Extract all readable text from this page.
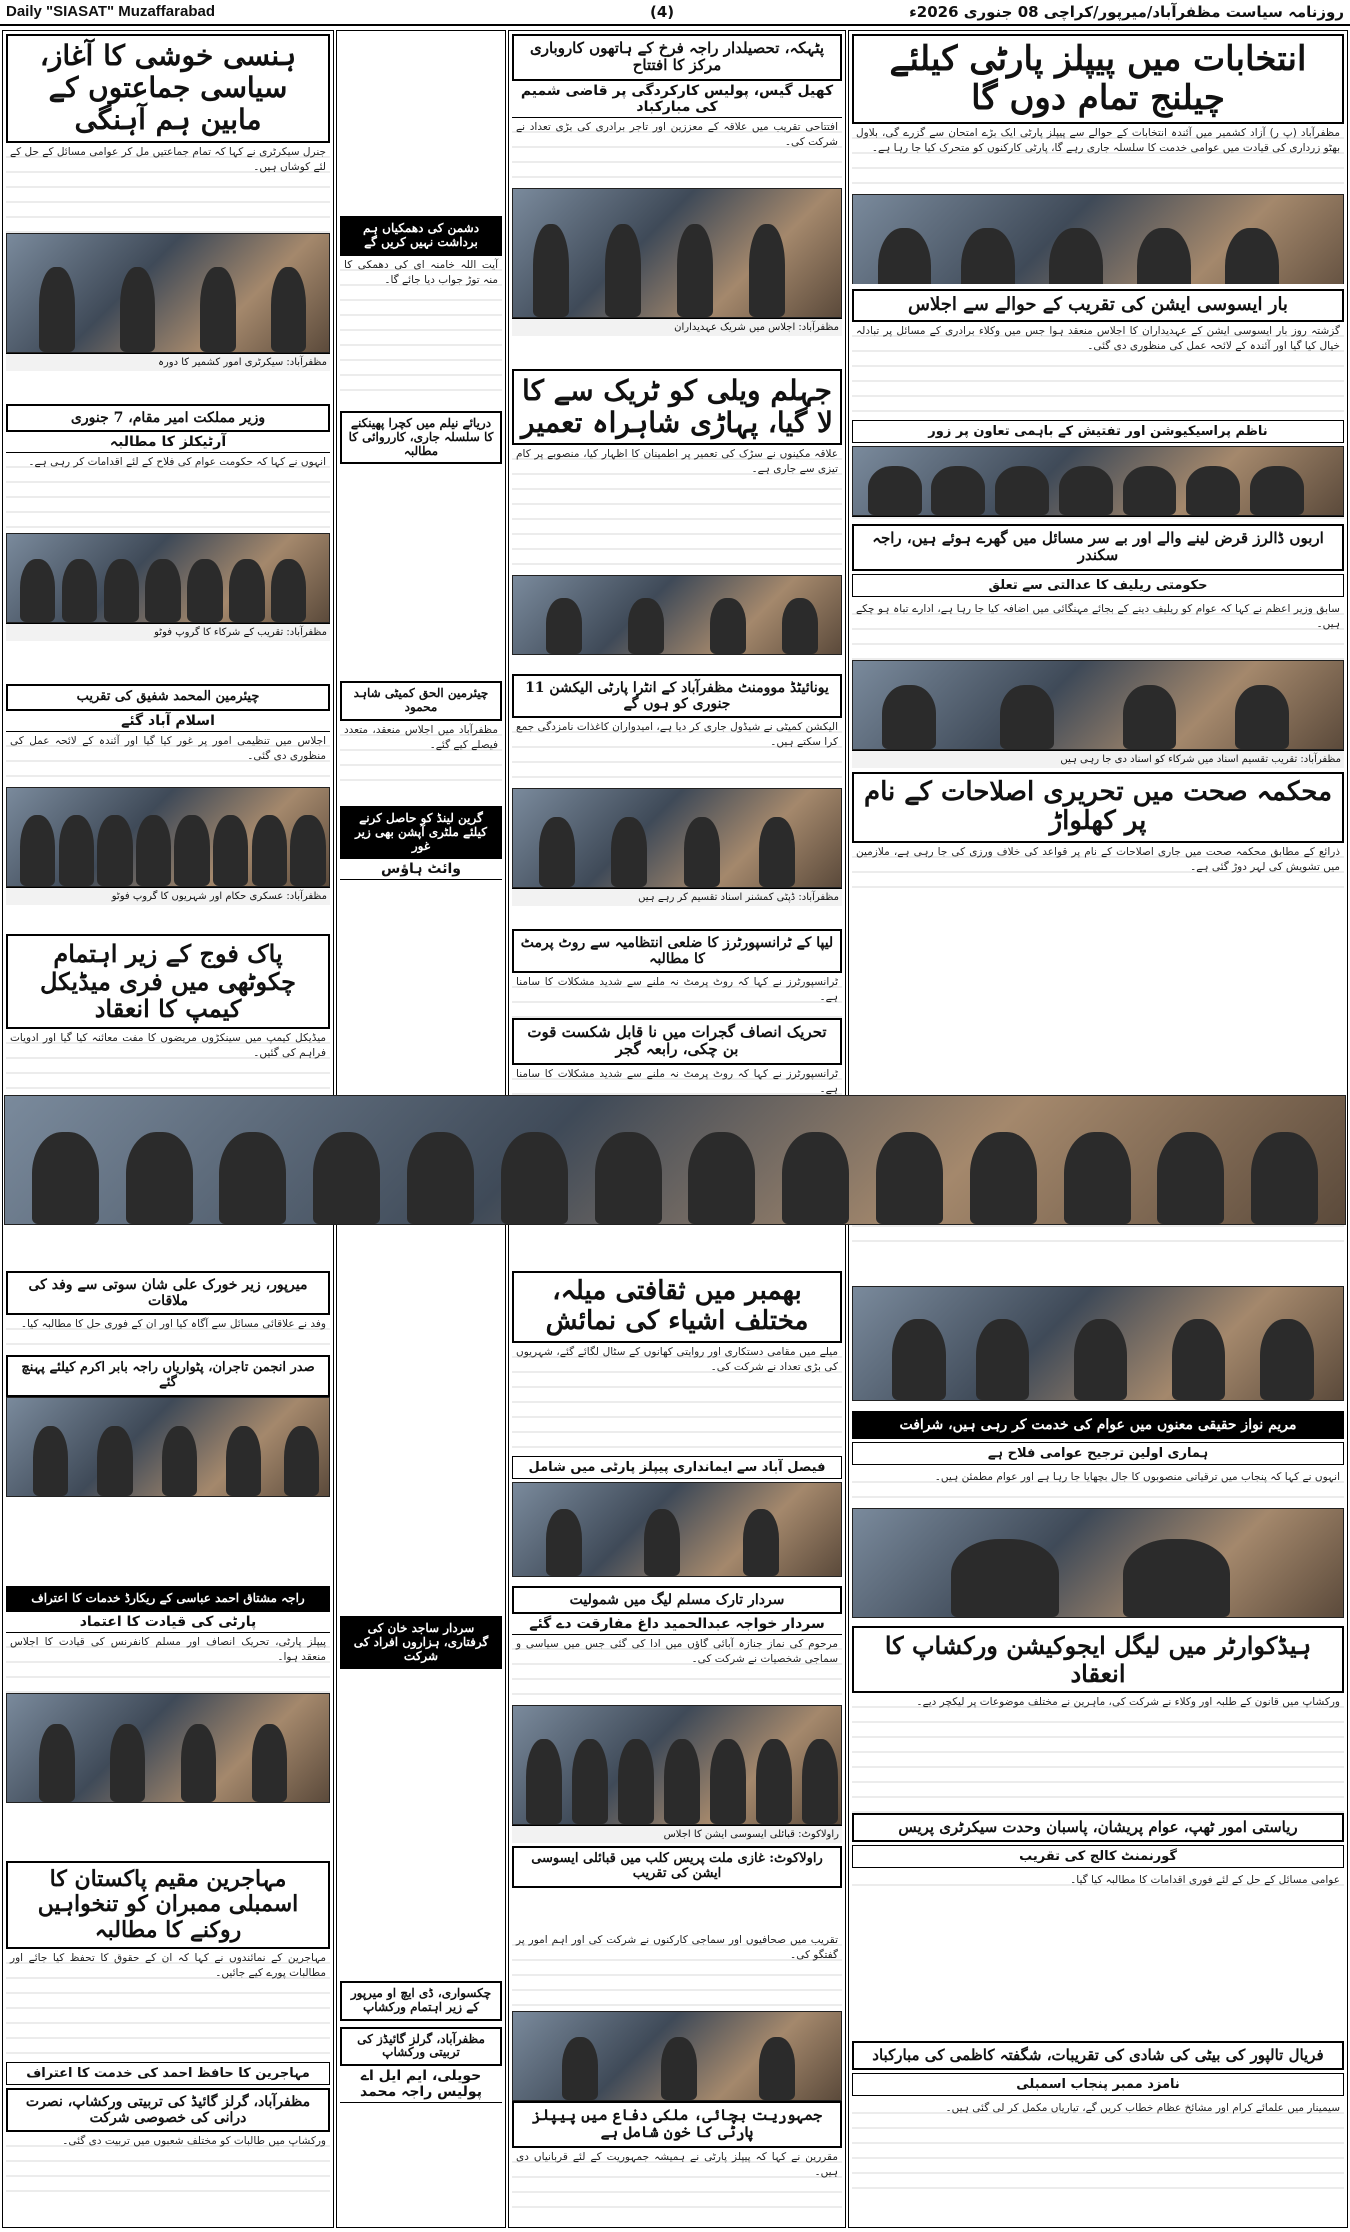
Daily "SIASAT" Muzaffarabad	(4)	روزنامہ سیاست مظفرآباد/میرپور/کراچی 08 جنوری 2026ء
انتخابات میں پیپلز پارٹی کیلئے چیلنج تمام دوں گا
مظفرآباد (پ ر) آزاد کشمیر میں آئندہ انتخابات کے حوالے سے پیپلز پارٹی ایک بڑے امتحان سے گزرے گی، بلاول بھٹو زرداری کی قیادت میں عوامی خدمت کا سلسلہ جاری رہے گا، پارٹی کارکنوں کو متحرک کیا جا رہا ہے۔
بار ایسوسی ایشن کی تقریب کے حوالے سے اجلاس
گزشتہ روز بار ایسوسی ایشن کے عہدیداران کا اجلاس منعقد ہوا جس میں وکلاء برادری کے مسائل پر تبادلہ خیال کیا گیا اور آئندہ کے لائحہ عمل کی منظوری دی گئی۔
ناظم پراسیکیوشن اور تفتیش کے باہمی تعاون پر زور
اربوں ڈالرز قرض لینے والے اور بے سر مسائل میں گھرے ہوئے ہیں، راجہ سکندر
حکومتی ریلیف کا عدالتی سے تعلق
سابق وزیر اعظم نے کہا کہ عوام کو ریلیف دینے کے بجائے مہنگائی میں اضافہ کیا جا رہا ہے، ادارے تباہ ہو چکے ہیں۔
مظفرآباد: تقریب تقسیم اسناد میں شرکاء کو اسناد دی جا رہی ہیں
محکمہ صحت میں تحریری اصلاحات کے نام پر کھلواڑ
ذرائع کے مطابق محکمہ صحت میں جاری اصلاحات کے نام پر قواعد کی خلاف ورزی کی جا رہی ہے، ملازمین میں تشویش کی لہر دوڑ گئی ہے۔
مریم نواز حقیقی معنوں میں عوام کی خدمت کر رہی ہیں، شرافت
ہماری اولین ترجیح عوامی فلاح ہے
انہوں نے کہا کہ پنجاب میں ترقیاتی منصوبوں کا جال بچھایا جا رہا ہے اور عوام مطمئن ہیں۔
ہیڈکوارٹر میں لیگل ایجوکیشن ورکشاپ کا انعقاد
ورکشاپ میں قانون کے طلبہ اور وکلاء نے شرکت کی، ماہرین نے مختلف موضوعات پر لیکچر دیے۔
ریاستی امور ٹھپ، عوام پریشان، پاسبان وحدت سیکرٹری پریس
گورنمنٹ کالج کی تقریب
عوامی مسائل کے حل کے لئے فوری اقدامات کا مطالبہ کیا گیا۔
فریال تالپور کی بیٹی کی شادی کی تقریبات، شگفتہ کاظمی کی مبارکباد
نامزد ممبر پنجاب اسمبلی
سیمینار میں علمائے کرام اور مشائخ عظام خطاب کریں گے، تیاریاں مکمل کر لی گئی ہیں۔
پٹہکہ، تحصیلدار راجہ فرخ کے ہاتھوں کاروباری مرکز کا افتتاح
کھیل گیس، پولیس کارکردگی پر قاضی شمیم کی مبارکباد
افتتاحی تقریب میں علاقہ کے معززین اور تاجر برادری کی بڑی تعداد نے شرکت کی۔
مظفرآباد: اجلاس میں شریک عہدیداران
جہلم ویلی کو ٹریک سے کا لا گیا، پہاڑی شاہراہ تعمیر
علاقہ مکینوں نے سڑک کی تعمیر پر اطمینان کا اظہار کیا، منصوبے پر کام تیزی سے جاری ہے۔
یونائیٹڈ موومنٹ مظفرآباد کے انٹرا پارٹی الیکشن 11 جنوری کو ہوں گے
الیکشن کمیٹی نے شیڈول جاری کر دیا ہے، امیدواران کاغذات نامزدگی جمع کرا سکتے ہیں۔
مظفرآباد: ڈپٹی کمشنر اسناد تقسیم کر رہے ہیں
لیپا کے ٹرانسپورٹرز کا ضلعی انتظامیہ سے روٹ پرمٹ کا مطالبہ
ٹرانسپورٹرز نے کہا کہ روٹ پرمٹ نہ ملنے سے شدید مشکلات کا سامنا ہے۔
تحریک انصاف گجرات میں نا قابل شکست قوت بن چکی، رابعہ گجر
ٹرانسپورٹرز نے کہا کہ روٹ پرمٹ نہ ملنے سے شدید مشکلات کا سامنا ہے۔
بھمبر میں ثقافتی میلہ، مختلف اشیاء کی نمائش
میلے میں مقامی دستکاری اور روایتی کھانوں کے سٹال لگائے گئے، شہریوں کی بڑی تعداد نے شرکت کی۔
فیصل آباد سے ایمانداری پیپلز پارٹی میں شامل
سردار تارک مسلم لیگ میں شمولیت
سردار خواجہ عبدالحمید داغ مفارقت دے گئے
مرحوم کی نماز جنازہ آبائی گاؤں میں ادا کی گئی جس میں سیاسی و سماجی شخصیات نے شرکت کی۔
راولاکوٹ: قبائلی ایسوسی ایشن کا اجلاس
راولاکوٹ: غازی ملت پریس کلب میں قبائلی ایسوسی ایشن کی تقریب
تقریب میں صحافیوں اور سماجی کارکنوں نے شرکت کی اور اہم امور پر گفتگو کی۔
جمہوریت بچائی، ملکی دفاع میں پیپلز پارٹی کا خون شامل ہے
مقررین نے کہا کہ پیپلز پارٹی نے ہمیشہ جمہوریت کے لئے قربانیاں دی ہیں۔
دشمن کی دھمکیاں ہم برداشت نہیں کریں گے
آیت اللہ خامنہ ای کی دھمکی کا منہ توڑ جواب دیا جائے گا۔
دریائے نیلم میں کچرا پھینکنے کا سلسلہ جاری، کارروائی کا مطالبہ
چیئرمین الحق کمیٹی شاہد محمود
مظفرآباد میں اجلاس منعقد، متعدد فیصلے کیے گئے۔
گرین لینڈ کو حاصل کرنے کیلئے ملٹری آپشن بھی زیر غور
وائٹ ہاؤس
سردار ساجد خان کی گرفتاری، ہزاروں افراد کی شرکت
چکسواری، ڈی ایچ او میرپور کے زیر اہتمام ورکشاپ
مظفرآباد، گرلز گائیڈز کی تربیتی ورکشاپ
حویلی، ایم ایل اے پولیس راجہ محمد
ہنسی خوشی کا آغاز، سیاسی جماعتوں کے مابین ہم آہنگی
جنرل سیکرٹری نے کہا کہ تمام جماعتیں مل کر عوامی مسائل کے حل کے لئے کوشاں ہیں۔
مظفرآباد: سیکرٹری امور کشمیر کا دورہ
وزیر مملکت امیر مقام، 7 جنوری
آرٹیکلز کا مطالبہ
انہوں نے کہا کہ حکومت عوام کی فلاح کے لئے اقدامات کر رہی ہے۔
مظفرآباد: تقریب کے شرکاء کا گروپ فوٹو
چیئرمین المحمد شفیق کی تقریب
اسلام آباد گئے
اجلاس میں تنظیمی امور پر غور کیا گیا اور آئندہ کے لائحہ عمل کی منظوری دی گئی۔
مظفرآباد: عسکری حکام اور شہریوں کا گروپ فوٹو
پاک فوج کے زیر اہتمام چکوٹھی میں فری میڈیکل کیمپ کا انعقاد
میڈیکل کیمپ میں سینکڑوں مریضوں کا مفت معائنہ کیا گیا اور ادویات فراہم کی گئیں۔
میرپور، زیر خورک علی شان سوتی سے وفد کی ملاقات
وفد نے علاقائی مسائل سے آگاہ کیا اور ان کے فوری حل کا مطالبہ کیا۔
صدر انجمن تاجران، پٹواریاں راجہ بابر اکرم کیلئے پہنچ گئے
راجہ مشتاق احمد عباسی کے ریکارڈ خدمات کا اعتراف
پارٹی کی قیادت کا اعتماد
پیپلز پارٹی، تحریک انصاف اور مسلم کانفرنس کی قیادت کا اجلاس منعقد ہوا۔
مہاجرین مقیم پاکستان کا اسمبلی ممبران کو تنخواہیں روکنے کا مطالبہ
مہاجرین کے نمائندوں نے کہا کہ ان کے حقوق کا تحفظ کیا جائے اور مطالبات پورے کیے جائیں۔
مہاجرین کا حافظ احمد کی خدمت کا اعتراف
مظفرآباد، گرلز گائیڈ کی تربیتی ورکشاپ، نصرت درانی کی خصوصی شرکت
ورکشاپ میں طالبات کو مختلف شعبوں میں تربیت دی گئی۔
